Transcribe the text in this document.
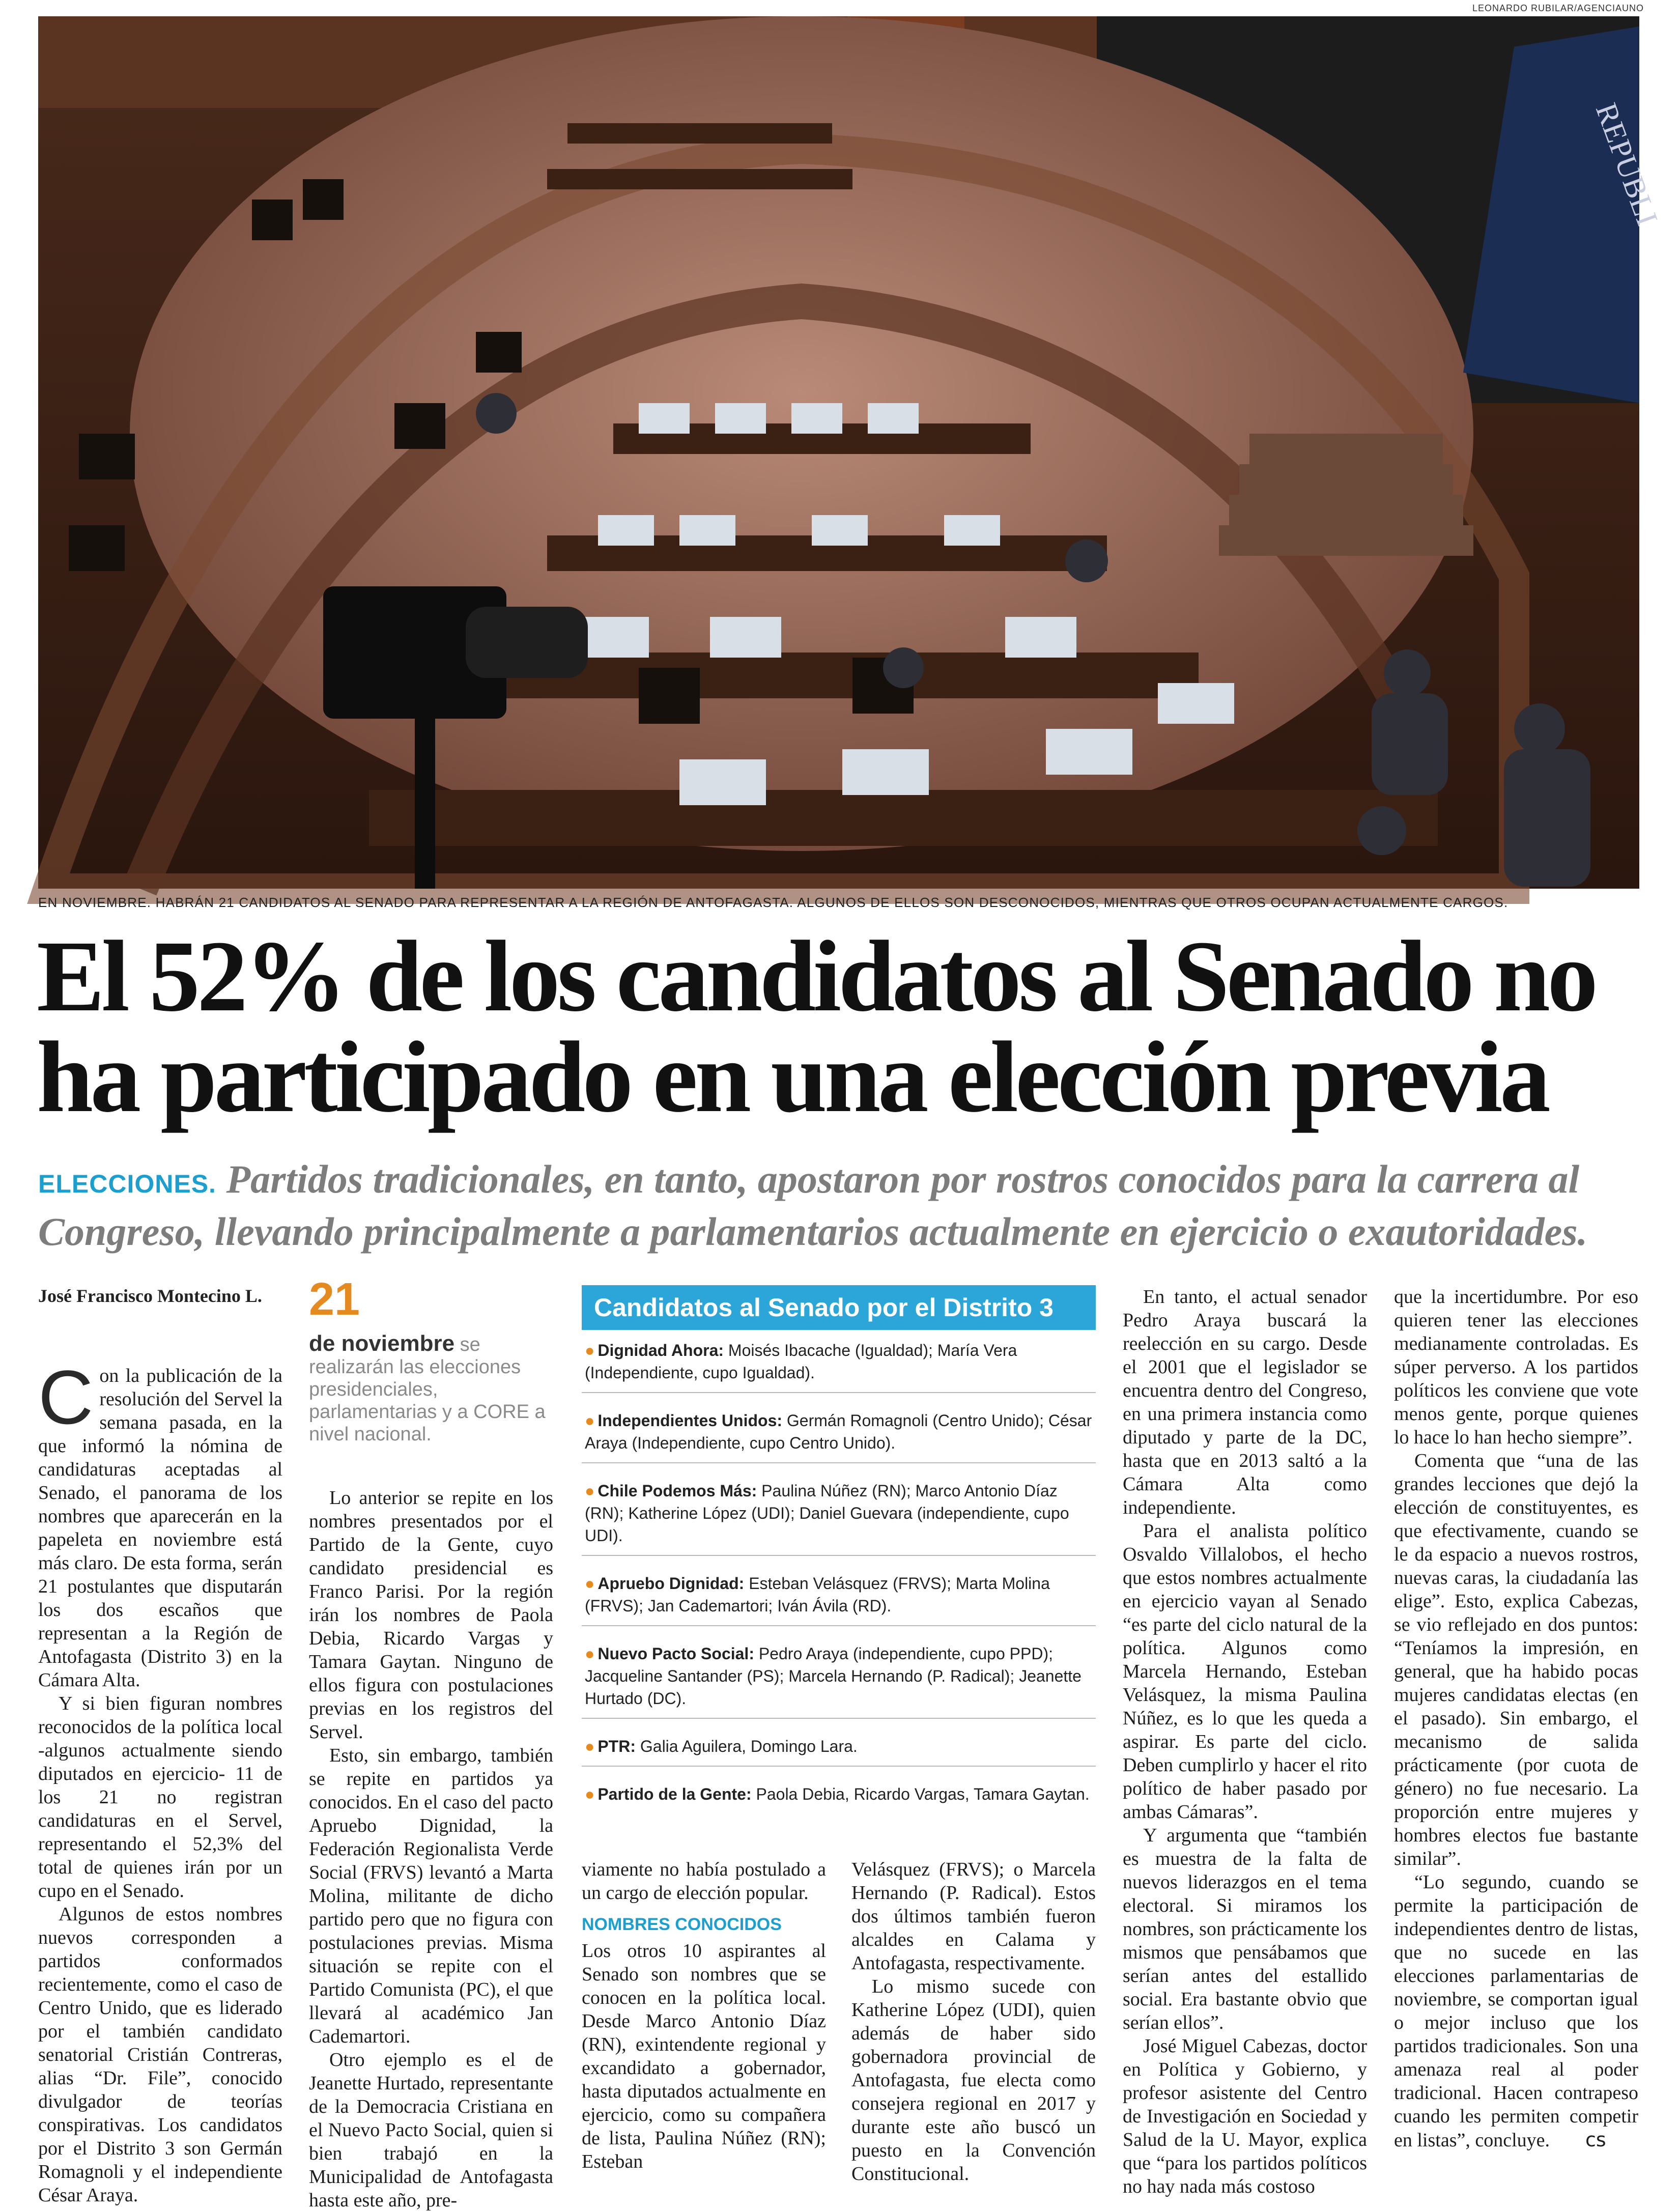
LEONARDO RUBILAR/AGENCIAUNO
REPUBLI
EN NOVIEMBRE. HABRÁN 21 CANDIDATOS AL SENADO PARA REPRESENTAR A LA REGIÓN DE ANTOFAGASTA. ALGUNOS DE ELLOS SON DESCONOCIDOS, MIENTRAS QUE OTROS OCUPAN ACTUALMENTE CARGOS.
El 52% de los candidatos al Senado no
ha participado en una elección previa
ELECCIONES. Partidos tradicionales, en tanto, apostaron por rostros conocidos para la carrera al Congreso, llevando principalmente a parlamentarios actualmente en ejercicio o exautoridades.
José Francisco Montecino L.

Con la publicación de la resolución del Servel la semana pasada, en la que informó la nómina de candidaturas aceptadas al Senado, el panorama de los nombres que aparecerán en la papeleta en noviembre está más claro. De esta forma, serán 21 postulantes que disputarán los dos escaños que representan a la Región de Antofagasta (Distrito 3) en la Cámara Alta.

Y si bien figuran nombres reconocidos de la política local -algunos actualmente siendo diputados en ejercicio- 11 de los 21 no registran candidaturas en el Servel, representando el 52,3% del total de quienes irán por un cupo en el Senado.

Algunos de estos nombres nuevos corresponden a partidos conformados recientemente, como el caso de Centro Unido, que es liderado por el también candidato senatorial Cristián Contreras, alias “Dr. File”, conocido divulgador de teorías conspirativas. Los candidatos por el Distrito 3 son Germán Romagnoli y el independiente César Araya.

21
de noviembre se realizarán las elecciones presidenciales, parlamentarias y a CORE a nivel nacional.

Lo anterior se repite en los nombres presentados por el Partido de la Gente, cuyo candidato presidencial es Franco Parisi. Por la región irán los nombres de Paola Debia, Ricardo Vargas y Tamara Gaytan. Ninguno de ellos figura con postulaciones previas en los registros del Servel.

Esto, sin embargo, también se repite en partidos ya conocidos. En el caso del pacto Apruebo Dignidad, la Federación Regionalista Verde Social (FRVS) levantó a Marta Molina, militante de dicho partido pero que no figura con postulaciones previas. Misma situación se repite con el Partido Comunista (PC), el que llevará al académico Jan Cademartori.

Otro ejemplo es el de Jeanette Hurtado, representante de la Democracia Cristiana en el Nuevo Pacto Social, quien si bien trabajó en la Municipalidad de Antofagasta hasta este año, pre-

Candidatos al Senado por el Distrito 3
● Dignidad Ahora: Moisés Ibacache (Igualdad); María Vera (Independiente, cupo Igualdad).
● Independientes Unidos: Germán Romagnoli (Centro Unido); César Araya (Independiente, cupo Centro Unido).
● Chile Podemos Más: Paulina Núñez (RN); Marco Antonio Díaz (RN); Katherine López (UDI); Daniel Guevara (independiente, cupo UDI).
● Apruebo Dignidad: Esteban Velásquez (FRVS); Marta Molina (FRVS); Jan Cademartori; Iván Ávila (RD).
● Nuevo Pacto Social: Pedro Araya (independiente, cupo PPD); Jacqueline Santander (PS); Marcela Hernando (P. Radical); Jeanette Hurtado (DC).
● PTR: Galia Aguilera, Domingo Lara.
● Partido de la Gente: Paola Debia, Ricardo Vargas, Tamara Gaytan.

viamente no había postulado a un cargo de elección popular.

NOMBRES CONOCIDOS

Los otros 10 aspirantes al Senado son nombres que se conocen en la política local. Desde Marco Antonio Díaz (RN), exintendente regional y excandidato a gobernador, hasta diputados actualmente en ejercicio, como su compañera de lista, Paulina Núñez (RN); Esteban

Velásquez (FRVS); o Marcela Hernando (P. Radical). Estos dos últimos también fueron alcaldes en Calama y Antofagasta, respectivamente.

Lo mismo sucede con Katherine López (UDI), quien además de haber sido gobernadora provincial de Antofagasta, fue electa como consejera regional en 2017 y durante este año buscó un puesto en la Convención Constitucional.

En tanto, el actual senador Pedro Araya buscará la reelección en su cargo. Desde el 2001 que el legislador se encuentra dentro del Congreso, en una primera instancia como diputado y parte de la DC, hasta que en 2013 saltó a la Cámara Alta como independiente.

Para el analista político Osvaldo Villalobos, el hecho que estos nombres actualmente en ejercicio vayan al Senado “es parte del ciclo natural de la política. Algunos como Marcela Hernando, Esteban Velásquez, la misma Paulina Núñez, es lo que les queda a aspirar. Es parte del ciclo. Deben cumplirlo y hacer el rito político de haber pasado por ambas Cámaras”.

Y argumenta que “también es muestra de la falta de nuevos liderazgos en el tema electoral. Si miramos los nombres, son prácticamente los mismos que pensábamos que serían antes del estallido social. Era bastante obvio que serían ellos”.

José Miguel Cabezas, doctor en Política y Gobierno, y profesor asistente del Centro de Investigación en Sociedad y Salud de la U. Mayor, explica que “para los partidos políticos no hay nada más costoso

que la incertidumbre. Por eso quieren tener las elecciones medianamente controladas. Es súper perverso. A los partidos políticos les conviene que vote menos gente, porque quienes lo hace lo han hecho siempre”.

Comenta que “una de las grandes lecciones que dejó la elección de constituyentes, es que efectivamente, cuando se le da espacio a nuevos rostros, nuevas caras, la ciudadanía las elige”. Esto, explica Cabezas, se vio reflejado en dos puntos: “Teníamos la impresión, en general, que ha habido pocas mujeres candidatas electas (en el pasado). Sin embargo, el mecanismo de salida prácticamente (por cuota de género) no fue necesario. La proporción entre mujeres y hombres electos fue bastante similar”.

“Lo segundo, cuando se permite la participación de independientes dentro de listas, que no sucede en las elecciones parlamentarias de noviembre, se comportan igual o mejor incluso que los partidos tradicionales. Son una amenaza real al poder tradicional. Hacen contrapeso cuando les permiten competir en listas”, concluye. cs
